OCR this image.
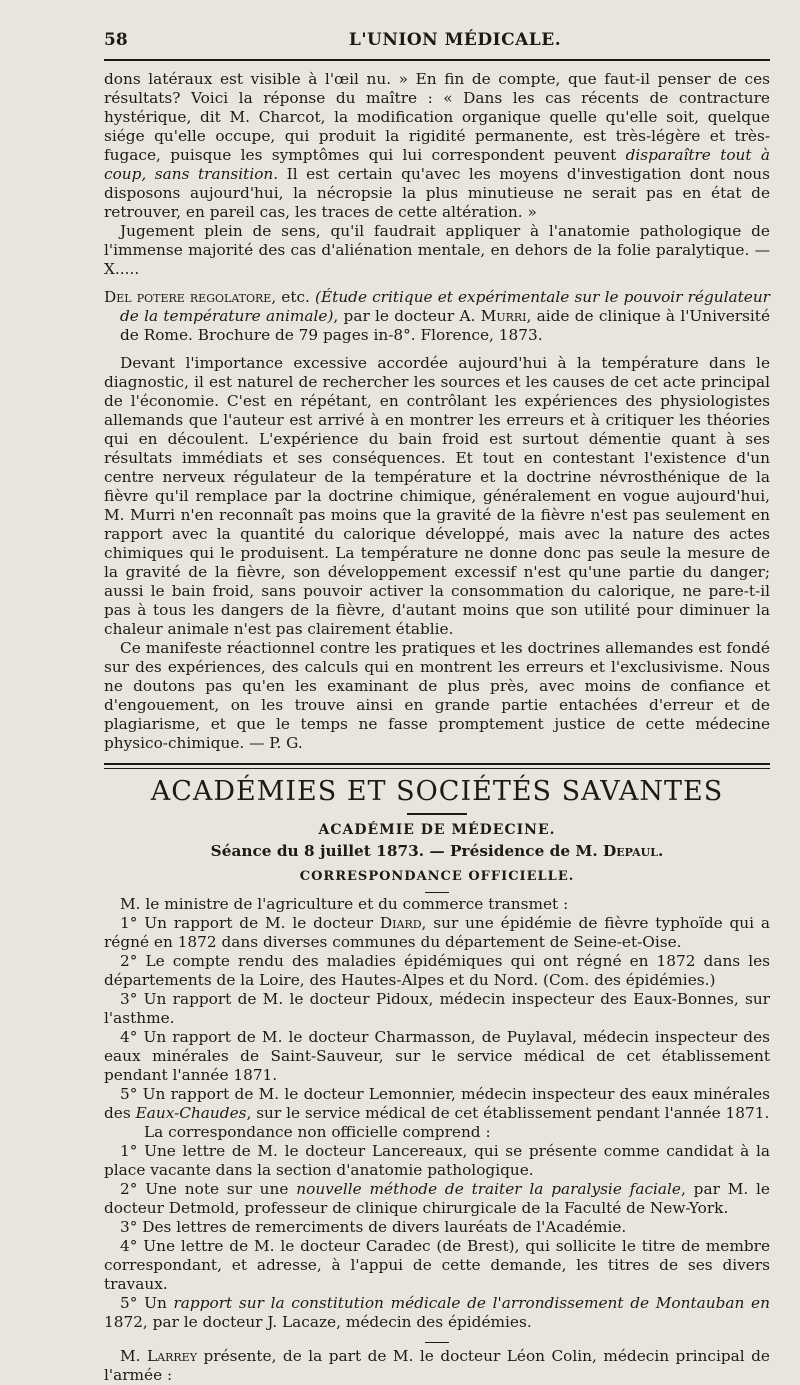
58	L'UNION MÉDICALE.

dons latéraux est visible à l'œil nu. » En fin de compte, que faut-il penser de ces résultats? Voici la réponse du maître : « Dans les cas récents de contracture hystérique, dit M. Charcot, la modification organique quelle qu'elle soit, quelque siége qu'elle occupe, qui produit la rigidité permanente, est très-légère et très-fugace, puisque les symptômes qui lui correspondent peuvent disparaître tout à coup, sans transition. Il est certain qu'avec les moyens d'investigation dont nous disposons aujourd'hui, la nécropsie la plus minutieuse ne serait pas en état de retrouver, en pareil cas, les traces de cette altération. »

Jugement plein de sens, qu'il faudrait appliquer à l'anatomie pathologique de l'immense majorité des cas d'aliénation mentale, en dehors de la folie paralytique. — X.....

Del potere regolatore, etc. (Étude critique et expérimentale sur le pouvoir régulateur de la température animale), par le docteur A. Murri, aide de clinique à l'Université de Rome. Brochure de 79 pages in-8°. Florence, 1873.

Devant l'importance excessive accordée aujourd'hui à la température dans le diagnostic, il est naturel de rechercher les sources et les causes de cet acte principal de l'économie. C'est en répétant, en contrôlant les expériences des physiologistes allemands que l'auteur est arrivé à en montrer les erreurs et à critiquer les théories qui en découlent. L'expérience du bain froid est surtout démentie quant à ses résultats immédiats et ses conséquences. Et tout en contestant l'existence d'un centre nerveux régulateur de la température et la doctrine névrosthénique de la fièvre qu'il remplace par la doctrine chimique, généralement en vogue aujourd'hui, M. Murri n'en reconnaît pas moins que la gravité de la fièvre n'est pas seulement en rapport avec la quantité du calorique développé, mais avec la nature des actes chimiques qui le produisent. La température ne donne donc pas seule la mesure de la gravité de la fièvre, son développement excessif n'est qu'une partie du danger; aussi le bain froid, sans pouvoir activer la consommation du calorique, ne pare-t-il pas à tous les dangers de la fièvre, d'autant moins que son utilité pour diminuer la chaleur animale n'est pas clairement établie.

Ce manifeste réactionnel contre les pratiques et les doctrines allemandes est fondé sur des expériences, des calculs qui en montrent les erreurs et l'exclusivisme. Nous ne doutons pas qu'en les examinant de plus près, avec moins de confiance et d'engouement, on les trouve ainsi en grande partie entachées d'erreur et de plagiarisme, et que le temps ne fasse promptement justice de cette médecine physico-chimique. — P. G.

ACADÉMIES ET SOCIÉTÉS SAVANTES
ACADÉMIE DE MÉDECINE.
Séance du 8 juillet 1873. — Présidence de M. Depaul.
CORRESPONDANCE OFFICIELLE.

M. le ministre de l'agriculture et du commerce transmet :

1° Un rapport de M. le docteur Diard, sur une épidémie de fièvre typhoïde qui a régné en 1872 dans diverses communes du département de Seine-et-Oise.

2° Le compte rendu des maladies épidémiques qui ont régné en 1872 dans les départements de la Loire, des Hautes-Alpes et du Nord. (Com. des épidémies.)

3° Un rapport de M. le docteur Pidoux, médecin inspecteur des Eaux-Bonnes, sur l'asthme.

4° Un rapport de M. le docteur Charmasson, de Puylaval, médecin inspecteur des eaux minérales de Saint-Sauveur, sur le service médical de cet établissement pendant l'année 1871.

5° Un rapport de M. le docteur Lemonnier, médecin inspecteur des eaux minérales des Eaux-Chaudes, sur le service médical de cet établissement pendant l'année 1871.

La correspondance non officielle comprend :

1° Une lettre de M. le docteur Lancereaux, qui se présente comme candidat à la place vacante dans la section d'anatomie pathologique.

2° Une note sur une nouvelle méthode de traiter la paralysie faciale, par M. le docteur Detmold, professeur de clinique chirurgicale de la Faculté de New-York.

3° Des lettres de remerciments de divers lauréats de l'Académie.

4° Une lettre de M. le docteur Caradec (de Brest), qui sollicite le titre de membre correspondant, et adresse, à l'appui de cette demande, les titres de ses divers travaux.

5° Un rapport sur la constitution médicale de l'arrondissement de Montauban en 1872, par le docteur J. Lacaze, médecin des épidémies.

M. Larrey présente, de la part de M. le docteur Léon Colin, médecin principal de l'armée :
